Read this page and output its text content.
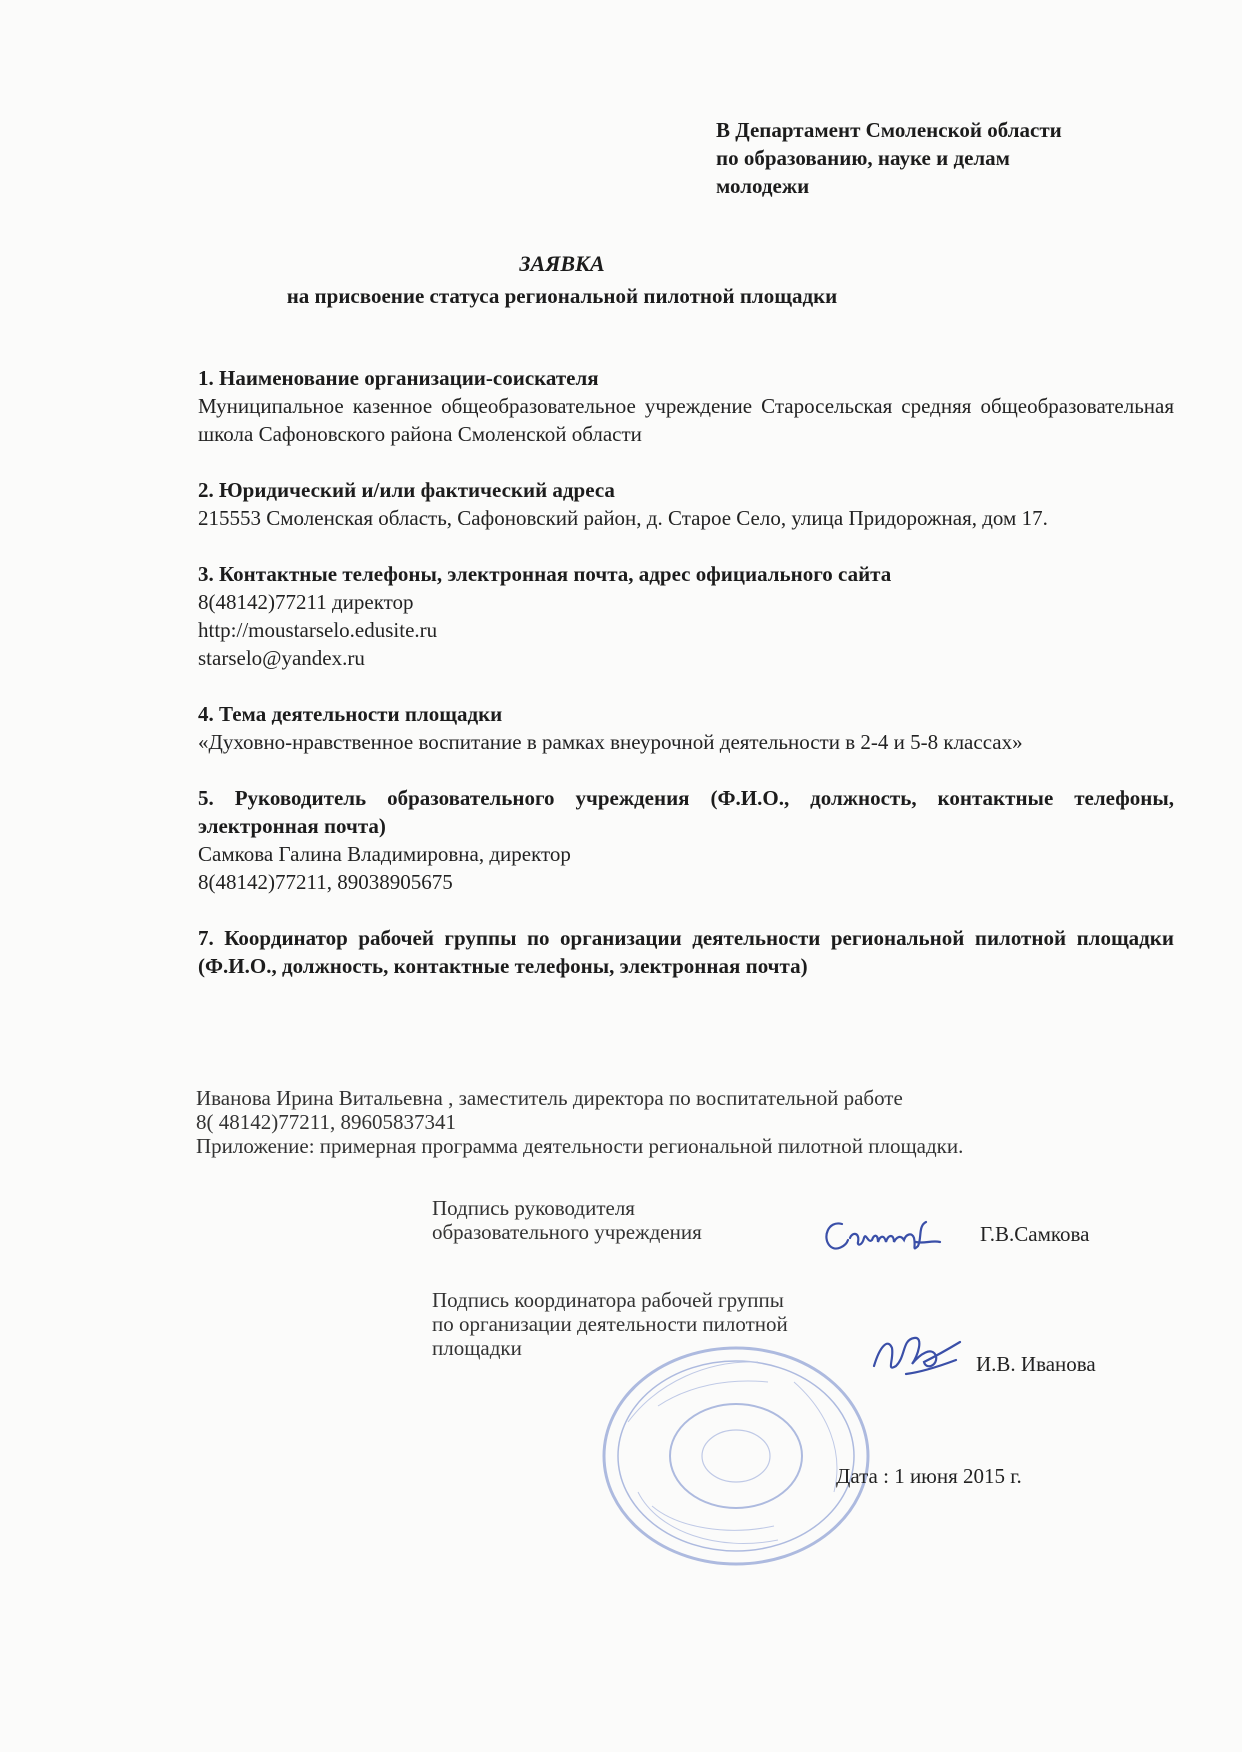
В Департамент Смоленской области
по образованию, науке и делам
молодежи
ЗАЯВКА
на присвоение статуса региональной пилотной площадки
1. Наименование организации-соискателя

Муниципальное казенное общеобразовательное учреждение Старосельская средняя общеобразовательная школа Сафоновского района Смоленской области

2. Юридический и/или фактический адреса

215553 Смоленская область, Сафоновский район, д. Старое Село, улица Придорожная, дом 17.

3. Контактные телефоны, электронная почта, адрес официального сайта

8(48142)77211 директор

http://moustarselo.edusite.ru

starselo@yandex.ru

4. Тема деятельности площадки

«Духовно-нравственное воспитание в рамках внеурочной деятельности в 2-4 и 5-8 классах»

5. Руководитель образовательного учреждения (Ф.И.О., должность, контактные телефоны, электронная почта)

Самкова Галина Владимировна, директор

8(48142)77211, 89038905675

7. Координатор рабочей группы по организации деятельности региональной пилотной площадки (Ф.И.О., должность, контактные телефоны, электронная почта)
Иванова Ирина Витальевна , заместитель директора по воспитательной работе
8( 48142)77211, 89605837341
Приложение: примерная программа деятельности региональной пилотной площадки.
Подпись руководителя
образовательного учреждения	Г.В.Самкова
Подпись координатора рабочей группы
по организации деятельности пилотной
площадки
И.В. Иванова
Дата : 1 июня 2015 г.
